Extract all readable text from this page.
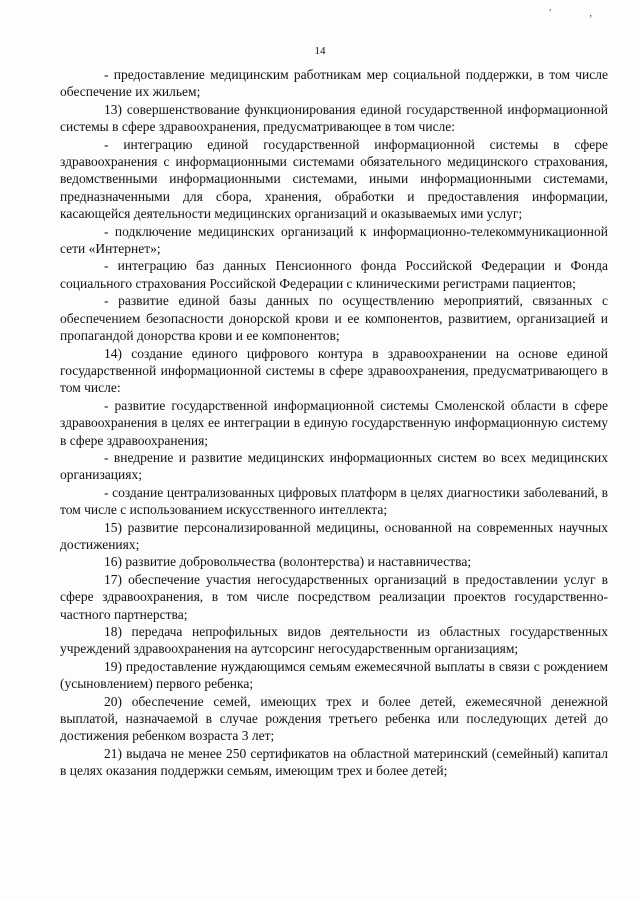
' ,
14

- предоставление медицинским работникам мер социальной поддержки, в том числе обеспечение их жильем;

13) совершенствование функционирования единой государственной информационной системы в сфере здравоохранения, предусматривающее в том числе:

- интеграцию единой государственной информационной системы в сфере здравоохранения с информационными системами обязательного медицинского страхования, ведомственными информационными системами, иными информационными системами, предназначенными для сбора, хранения, обработки и предоставления информации, касающейся деятельности медицинских организаций и оказываемых ими услуг;

- подключение медицинских организаций к информационно-телекоммуникационной сети «Интернет»;

- интеграцию баз данных Пенсионного фонда Российской Федерации и Фонда социального страхования Российской Федерации с клиническими регистрами пациентов;

- развитие единой базы данных по осуществлению мероприятий, связанных с обеспечением безопасности донорской крови и ее компонентов, развитием, организацией и пропагандой донорства крови и ее компонентов;

14) создание единого цифрового контура в здравоохранении на основе единой государственной информационной системы в сфере здравоохранения, предусматривающего в том числе:

- развитие государственной информационной системы Смоленской области в сфере здравоохранения в целях ее интеграции в единую государственную информационную систему в сфере здравоохранения;

- внедрение и развитие медицинских информационных систем во всех медицинских организациях;

- создание централизованных цифровых платформ в целях диагностики заболеваний, в том числе с использованием искусственного интеллекта;

15) развитие персонализированной медицины, основанной на современных научных достижениях;

16) развитие добровольчества (волонтерства) и наставничества;

17) обеспечение участия негосударственных организаций в предоставлении услуг в сфере здравоохранения, в том числе посредством реализации проектов государственно-частного партнерства;

18) передача непрофильных видов деятельности из областных государственных учреждений здравоохранения на аутсорсинг негосударственным организациям;

19) предоставление нуждающимся семьям ежемесячной выплаты в связи с рождением (усыновлением) первого ребенка;

20) обеспечение семей, имеющих трех и более детей, ежемесячной денежной выплатой, назначаемой в случае рождения третьего ребенка или последующих детей до достижения ребенком возраста 3 лет;

21) выдача не менее 250 сертификатов на областной материнский (семейный) капитал в целях оказания поддержки семьям, имеющим трех и более детей;
